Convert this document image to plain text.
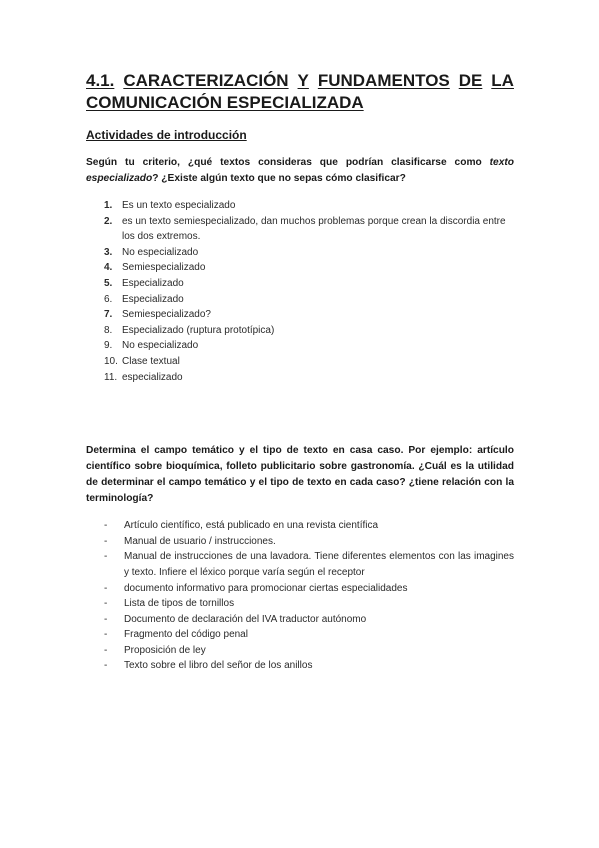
4.1. CARACTERIZACIÓN Y FUNDAMENTOS DE LA
COMUNICACIÓN ESPECIALIZADA
Actividades de introducción

Según tu criterio, ¿qué textos consideras que podrían clasificarse como texto especializado? ¿Existe algún texto que no sepas cómo clasificar?

1. Es un texto especializado
2. es un texto semiespecializado, dan muchos problemas porque crean la discordia entre los dos extremos.
3. No especializado
4. Semiespecializado
5. Especializado
6. Especializado
7. Semiespecializado?
8. Especializado (ruptura prototípica)
9. No especializado
10. Clase textual
11. especializado

Determina el campo temático y el tipo de texto en casa caso. Por ejemplo: artículo científico sobre bioquímica, folleto publicitario sobre gastronomía. ¿Cuál es la utilidad de determinar el campo temático y el tipo de texto en cada caso? ¿tiene relación con la terminología?

-	Artículo científico, está publicado en una revista científica
-	Manual de usuario / instrucciones.
-	Manual de instrucciones de una lavadora. Tiene diferentes elementos con las imagines y texto. Infiere el léxico porque varía según el receptor
-	documento informativo para promocionar ciertas especialidades
-	Lista de tipos de tornillos
-	Documento de declaración del IVA traductor autónomo
-	Fragmento del código penal
-	Proposición de ley
-	Texto sobre el libro del señor de los anillos
